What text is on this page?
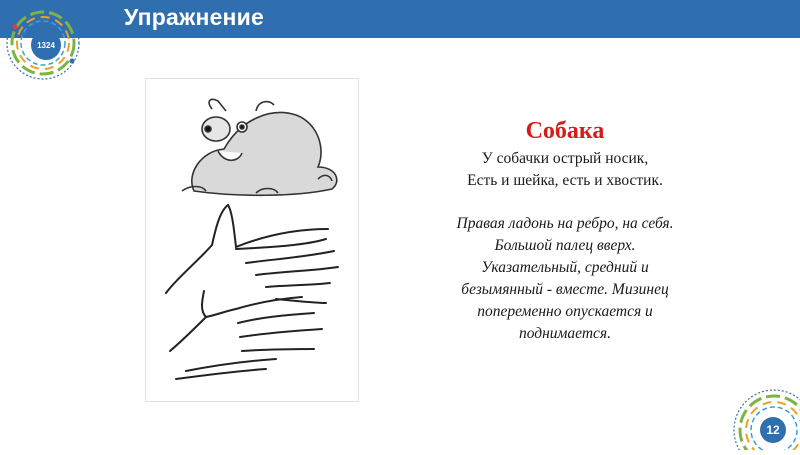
Упражнение
1324
Собака
У собачки острый носик,
Есть и шейка, есть и хвостик.
Правая ладонь на ребро, на себя.
Большой палец вверх.
Указательный, средний и
безымянный - вместе. Мизинец
попеременно опускается и
поднимается.
12
